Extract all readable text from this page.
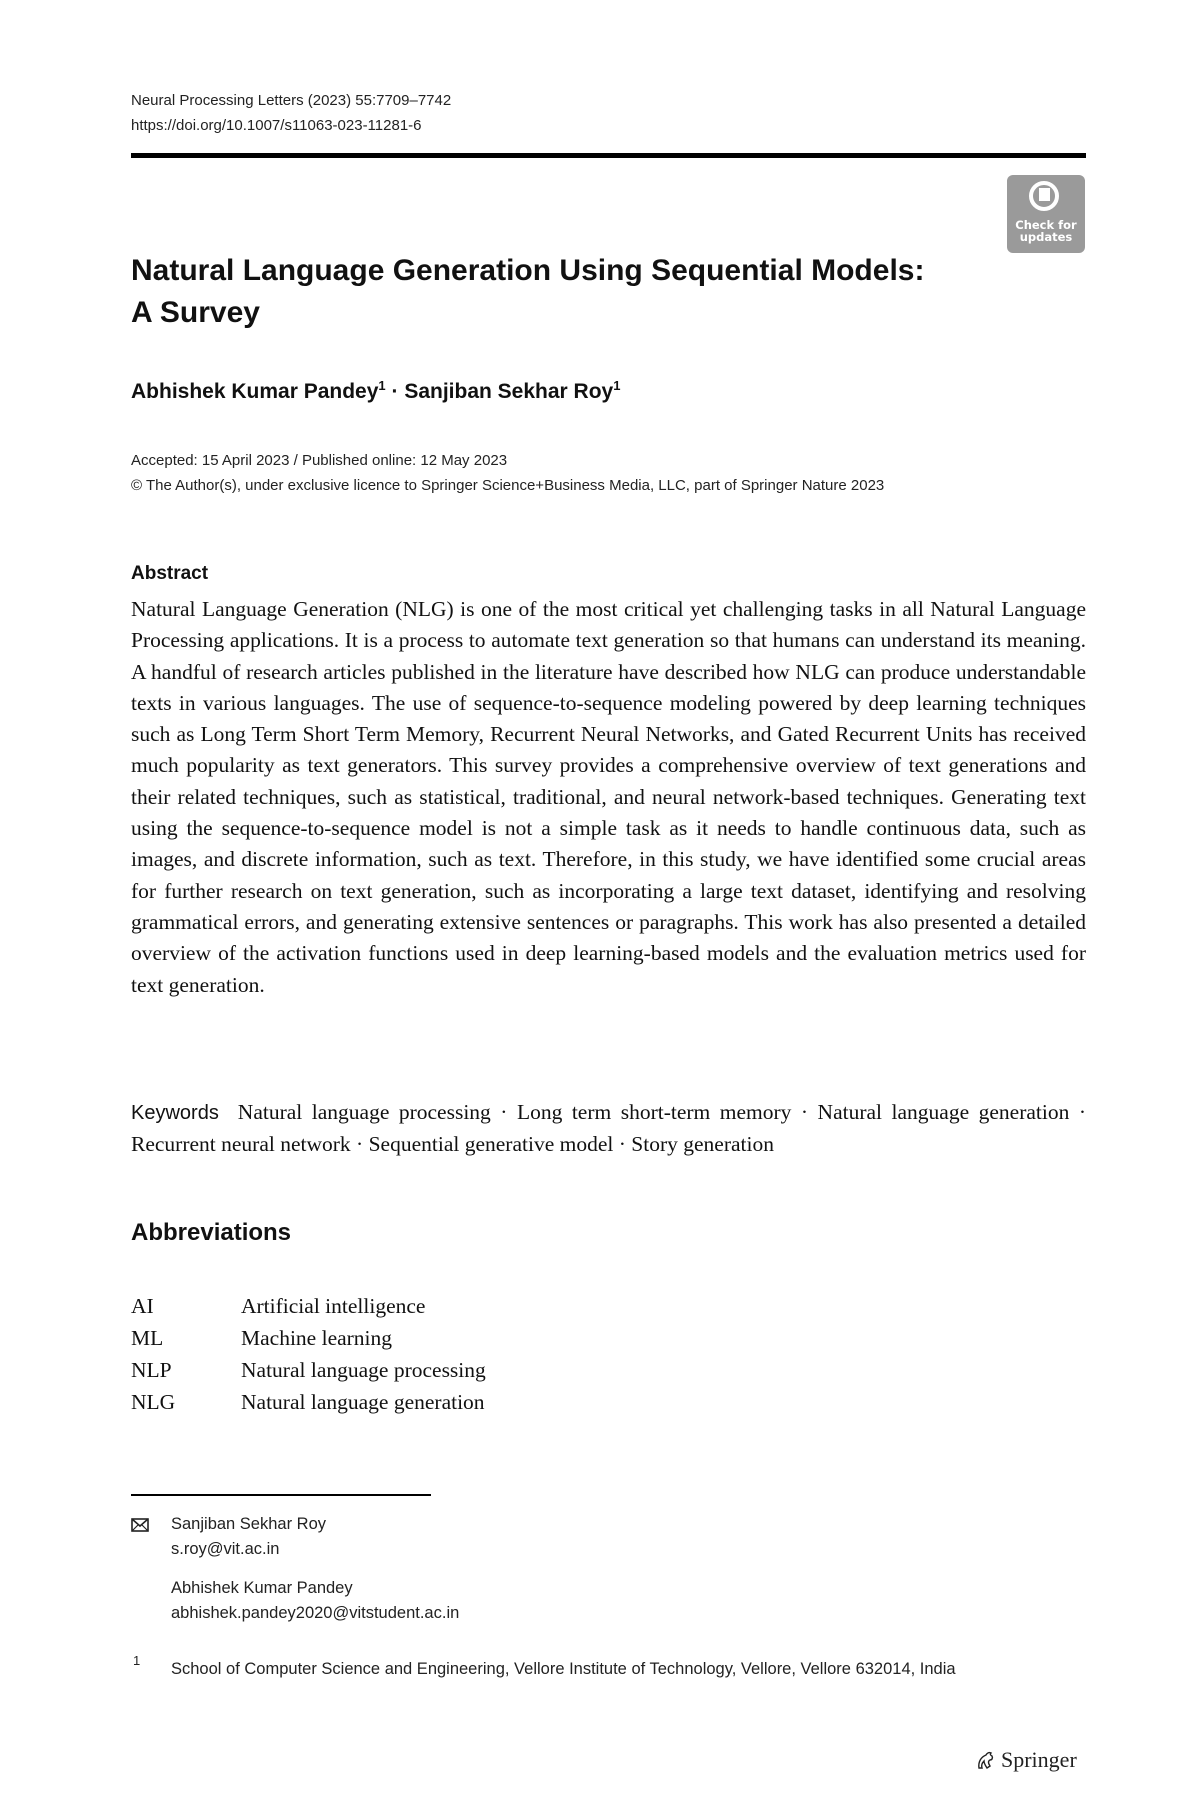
Neural Processing Letters (2023) 55:7709–7742
https://doi.org/10.1007/s11063-023-11281-6
Check for
updates
Natural Language Generation Using Sequential Models:
A Survey
Abhishek Kumar Pandey$^1$ · Sanjiban Sekhar Roy$^1$
Accepted: 15 April 2023 / Published online: 12 May 2023
© The Author(s), under exclusive licence to Springer Science+Business Media, LLC, part of Springer Nature 2023
Abstract

Natural Language Generation (NLG) is one of the most critical yet challenging tasks in all Natural Language Processing applications. It is a process to automate text generation so that humans can understand its meaning. A handful of research articles published in the literature have described how NLG can produce understandable texts in various languages. The use of sequence-to-sequence modeling powered by deep learning techniques such as Long Term Short Term Memory, Recurrent Neural Networks, and Gated Recurrent Units has received much popularity as text generators. This survey provides a comprehensive overview of text generations and their related techniques, such as statistical, traditional, and neural network-based techniques. Generating text using the sequence-to-sequence model is not a simple task as it needs to handle continuous data, such as images, and discrete information, such as text. Therefore, in this study, we have identified some crucial areas for further research on text generation, such as incorporating a large text dataset, identifying and resolving grammatical errors, and generating extensive sentences or paragraphs. This work has also presented a detailed overview of the activation functions used in deep learning-based models and the evaluation metrics used for text generation.

Keywords Natural language processing · Long term short-term memory · Natural language generation · Recurrent neural network · Sequential generative model · Story generation

Abbreviations
AI	Artificial intelligence
ML	Machine learning
NLP	Natural language processing
NLG	Natural language generation
Sanjiban Sekhar Roy
s.roy@vit.ac.in
Abhishek Kumar Pandey
abhishek.pandey2020@vitstudent.ac.in
1 School of Computer Science and Engineering, Vellore Institute of Technology, Vellore, Vellore 632014, India

Springer
